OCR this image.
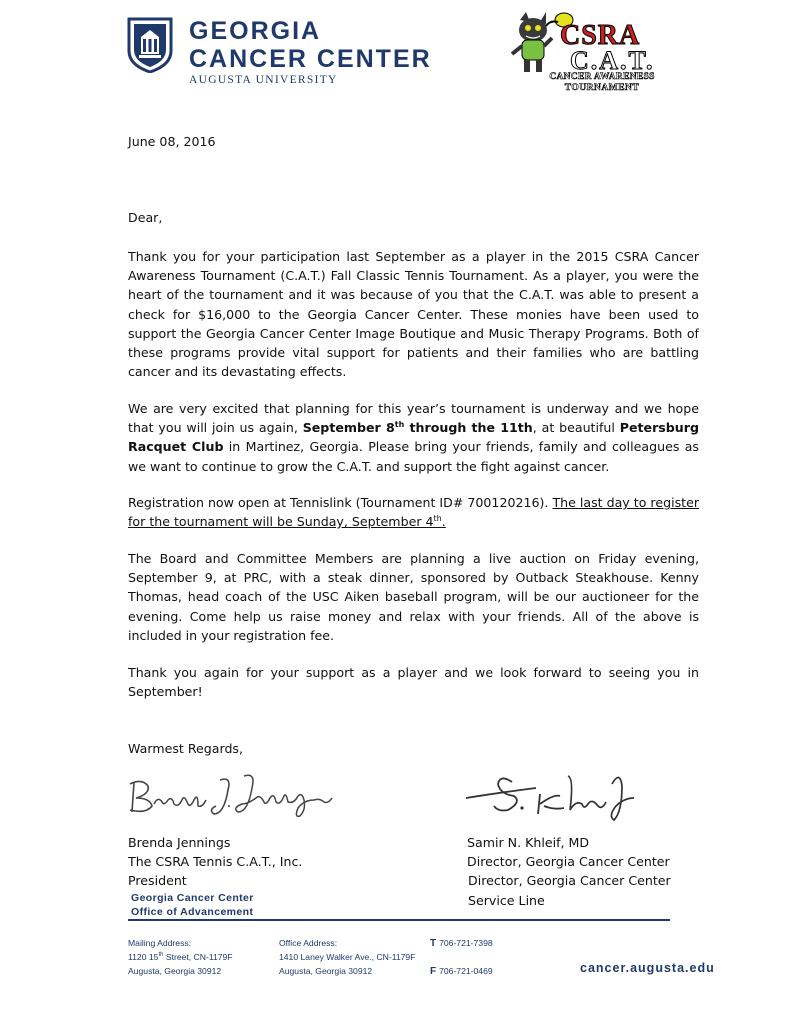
GEORGIA
CANCER CENTER
AUGUSTA UNIVERSITY
CSRA
C.A.T.
CANCER AWARENESS
TOURNAMENT
June 08, 2016
Dear,
Thank you for your participation last September as a player in the 2015 CSRA Cancer Awareness Tournament (C.A.T.) Fall Classic Tennis Tournament. As a player, you were the heart of the tournament and it was because of you that the C.A.T. was able to present a check for $16,000 to the Georgia Cancer Center. These monies have been used to support the Georgia Cancer Center Image Boutique and Music Therapy Programs. Both of these programs provide vital support for patients and their families who are battling cancer and its devastating effects.
We are very excited that planning for this year’s tournament is underway and we hope that you will join us again, September 8th through the 11th, at beautiful Petersburg Racquet Club in Martinez, Georgia. Please bring your friends, family and colleagues as we want to continue to grow the C.A.T. and support the fight against cancer.
Registration now open at Tennislink (Tournament ID# 700120216). The last day to register for the tournament will be Sunday, September 4th.
The Board and Committee Members are planning a live auction on Friday evening, September 9, at PRC, with a steak dinner, sponsored by Outback Steakhouse. Kenny Thomas, head coach of the USC Aiken baseball program, will be our auctioneer for the evening. Come help us raise money and relax with your friends. All of the above is included in your registration fee.
Thank you again for your support as a player and we look forward to seeing you in September!
Warmest Regards,
Brenda Jennings
The CSRA Tennis C.A.T., Inc.
President
Samir N. Khleif, MD
Director, Georgia Cancer Center
Director, Georgia Cancer Center
Service Line
Georgia Cancer Center
Office of Advancement
Mailing Address:
1120 15th Street, CN-1179F
Augusta, Georgia 30912
Office Address:
1410 Laney Walker Ave., CN-1179F
Augusta, Georgia 30912
T 706-721-7398
F 706-721-0469	cancer.augusta.edu
